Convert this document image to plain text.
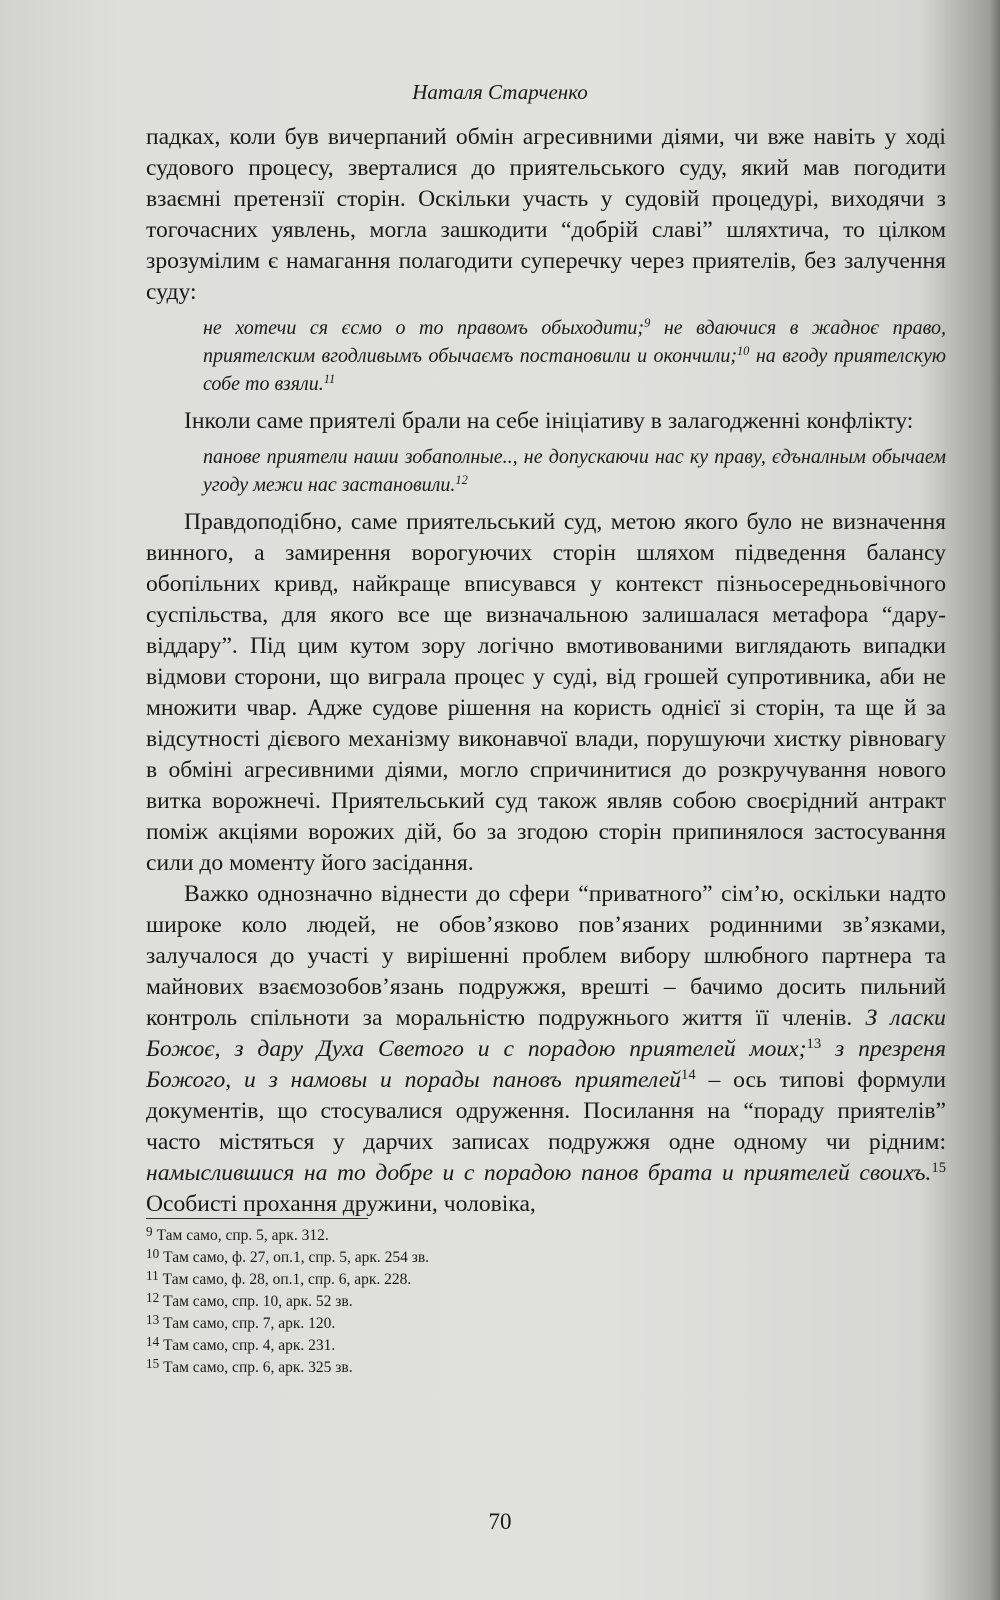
Наталя Старченко

падках, коли був вичерпаний обмін агресивними діями, чи вже навіть у ході судового процесу, зверталися до приятельського суду, який мав погодити взаємні претензії сторін. Оскільки участь у судовій процедурі, виходячи з тогочасних уявлень, могла зашкодити “добрій славі” шляхтича, то цілком зрозумілим є намагання полагодити суперечку через приятелів, без залучення суду:

не хотечи ся єсмо о то правомъ обыходити;$^9$ не вдаючися в жадноє право, приятелским вгодливымъ обычаємъ постановили и окончили;$^{10}$ на вгоду приятелскую собе то взяли.$^{11}$

Інколи саме приятелі брали на себе ініціативу в залагодженні конфлікту:

панове приятели наши зобаполные.., не допускаючи нас ку праву, єдъналным обычаем угоду межи нас застановили.$^{12}$

Правдоподібно, саме приятельський суд, метою якого було не визначення винного, а замирення ворогуючих сторін шляхом підведення балансу обопільних кривд, найкраще вписувався у контекст пізньосередньовічного суспільства, для якого все ще визначальною залишалася метафора “дару-віддару”. Під цим кутом зору логічно вмотивованими виглядають випадки відмови сторони, що виграла процес у суді, від грошей супротивника, аби не множити чвар. Адже судове рішення на користь однієї зі сторін, та ще й за відсутності дієвого механізму виконавчої влади, порушуючи хистку рівновагу в обміні агресивними діями, могло спричинитися до розкручування нового витка ворожнечі. Приятельський суд також являв собою своєрідний антракт поміж акціями ворожих дій, бо за згодою сторін припинялося застосування сили до моменту його засідання.

Важко однозначно віднести до сфери “приватного” сім’ю, оскільки надто широке коло людей, не обов’язково пов’язаних родинними зв’язками, залучалося до участі у вирішенні проблем вибору шлюбного партнера та майнових взаємозобов’язань подружжя, врешті – бачимо досить пильний контроль спільноти за моральністю подружнього життя її членів. З ласки Божоє, з дару Духа Светого и с порадою приятелей моих;$^{13}$ з презреня Божого, и з намовы и порады пановъ приятелей$^{14}$ – ось типові формули документів, що стосувалися одруження. Посилання на “пораду приятелів” часто містяться у дарчих записах подружжя одне одному чи рідним: намыслившися на то добре и с порадою панов брата и приятелей своихъ.$^{15}$ Особисті прохання дружини, чоловіка,

9 Там само, спр. 5, арк. 312.
10 Там само, ф. 27, оп.1, спр. 5, арк. 254 зв.
11 Там само, ф. 28, оп.1, спр. 6, арк. 228.
12 Там само, спр. 10, арк. 52 зв.
13 Там само, спр. 7, арк. 120.
14 Там само, спр. 4, арк. 231.
15 Там само, спр. 6, арк. 325 зв.
70
